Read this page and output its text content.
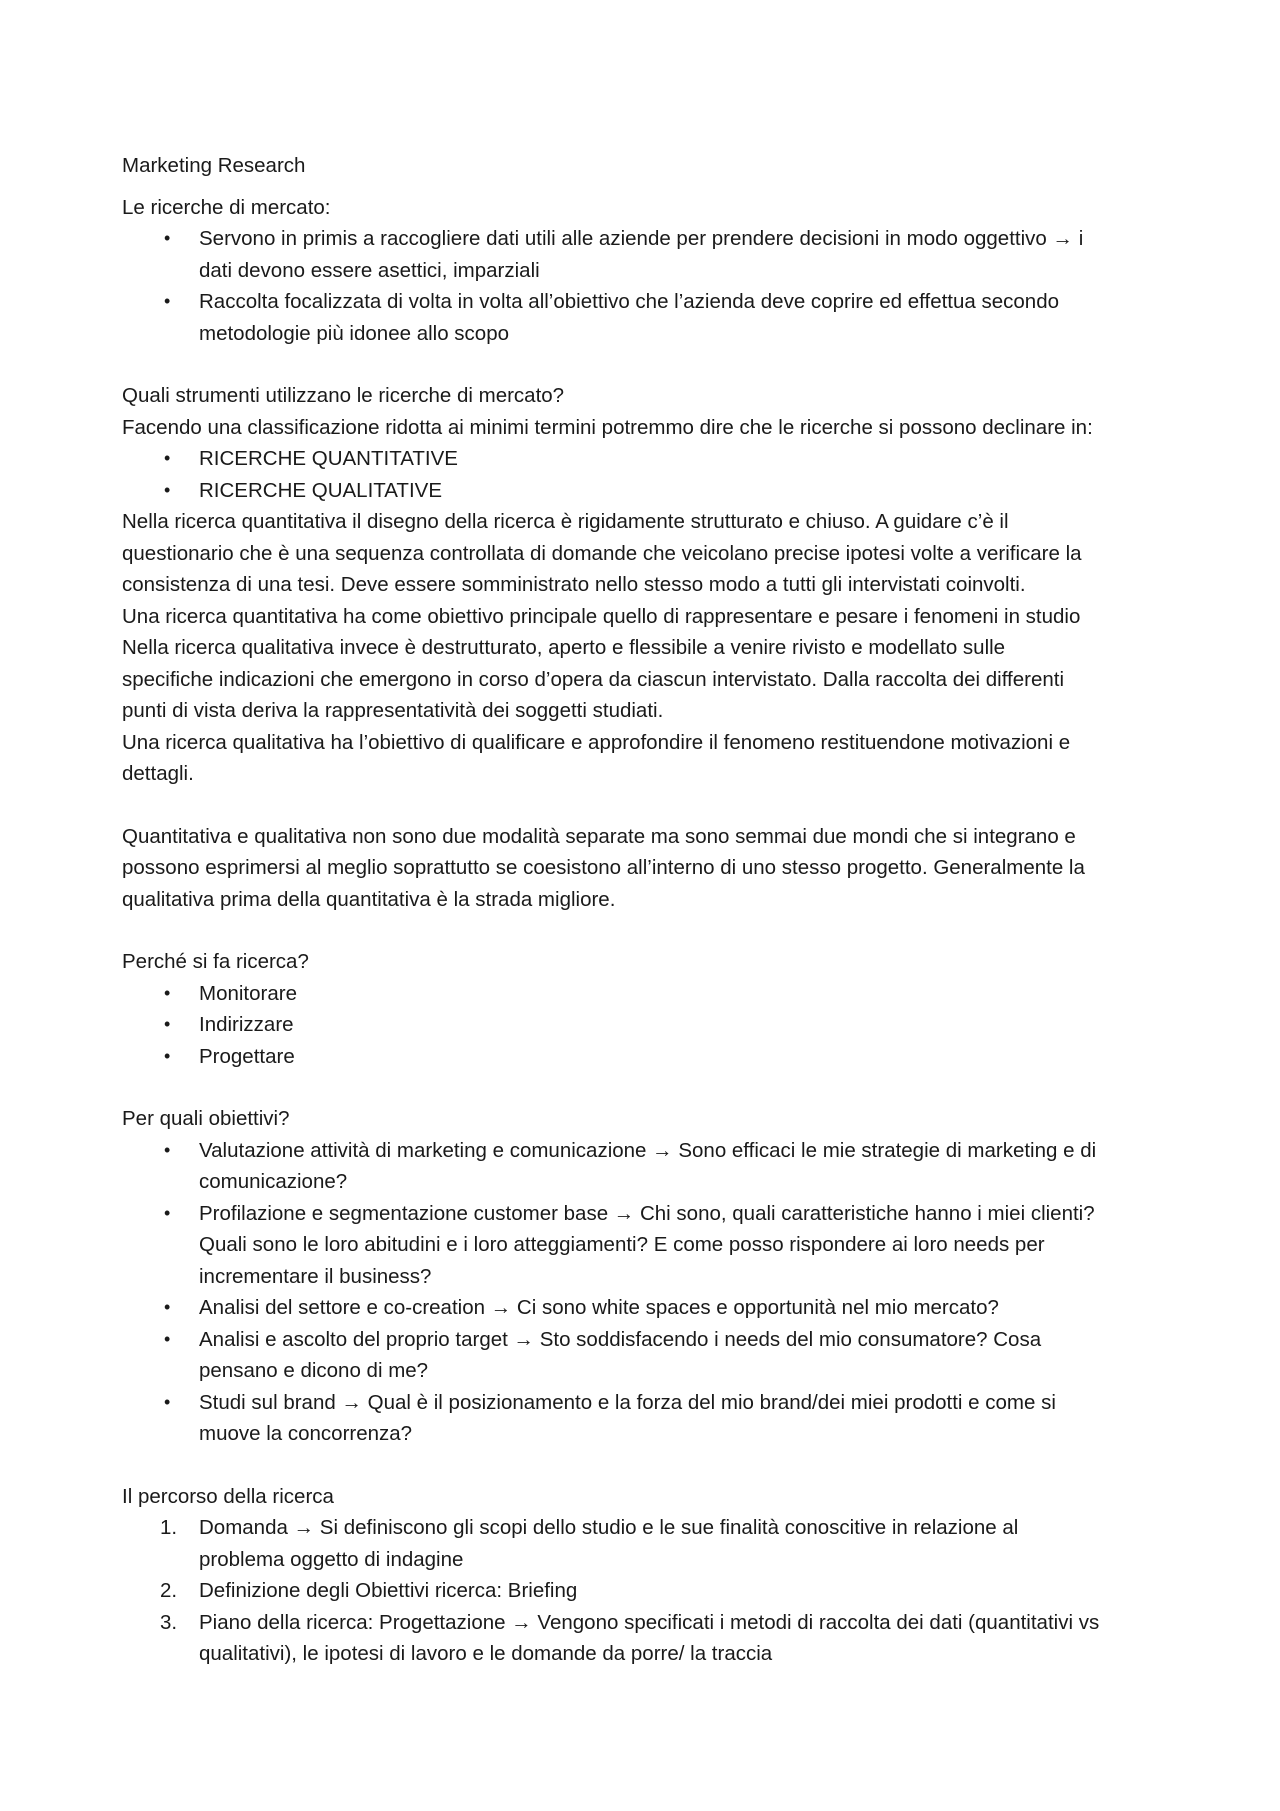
Marketing Research

Le ricerche di mercato:

•	Servono in primis a raccogliere dati utili alle aziende per prendere decisioni in modo oggettivo → i
dati devono essere asettici, imparziali
•	Raccolta focalizzata di volta in volta all’obiettivo che l’azienda deve coprire ed effettua secondo
metodologie più idonee allo scopo

Quali strumenti utilizzano le ricerche di mercato?

Facendo una classificazione ridotta ai minimi termini potremmo dire che le ricerche si possono declinare in:

•	RICERCHE QUANTITATIVE
•	RICERCHE QUALITATIVE

Nella ricerca quantitativa il disegno della ricerca è rigidamente strutturato e chiuso. A guidare c’è il

questionario che è una sequenza controllata di domande che veicolano precise ipotesi volte a verificare la

consistenza di una tesi. Deve essere somministrato nello stesso modo a tutti gli intervistati coinvolti.

Una ricerca quantitativa ha come obiettivo principale quello di rappresentare e pesare i fenomeni in studio

Nella ricerca qualitativa invece è destrutturato, aperto e flessibile a venire rivisto e modellato sulle

specifiche indicazioni che emergono in corso d’opera da ciascun intervistato. Dalla raccolta dei differenti

punti di vista deriva la rappresentatività dei soggetti studiati.

Una ricerca qualitativa ha l’obiettivo di qualificare e approfondire il fenomeno restituendone motivazioni e

dettagli.

Quantitativa e qualitativa non sono due modalità separate ma sono semmai due mondi che si integrano e

possono esprimersi al meglio soprattutto se coesistono all’interno di uno stesso progetto. Generalmente la

qualitativa prima della quantitativa è la strada migliore.

Perché si fa ricerca?

•	Monitorare
•	Indirizzare
•	Progettare

Per quali obiettivi?

•	Valutazione attività di marketing e comunicazione → Sono efficaci le mie strategie di marketing e di
comunicazione?
•	Profilazione e segmentazione customer base → Chi sono, quali caratteristiche hanno i miei clienti?
Quali sono le loro abitudini e i loro atteggiamenti? E come posso rispondere ai loro needs per
incrementare il business?
•	Analisi del settore e co-creation → Ci sono white spaces e opportunità nel mio mercato?
•	Analisi e ascolto del proprio target → Sto soddisfacendo i needs del mio consumatore? Cosa
pensano e dicono di me?
•	Studi sul brand → Qual è il posizionamento e la forza del mio brand/dei miei prodotti e come si
muove la concorrenza?

Il percorso della ricerca

1.	Domanda → Si definiscono gli scopi dello studio e le sue finalità conoscitive in relazione al
problema oggetto di indagine
2.	Definizione degli Obiettivi ricerca: Briefing
3.	Piano della ricerca: Progettazione → Vengono specificati i metodi di raccolta dei dati (quantitativi vs
qualitativi), le ipotesi di lavoro e le domande da porre/ la traccia
